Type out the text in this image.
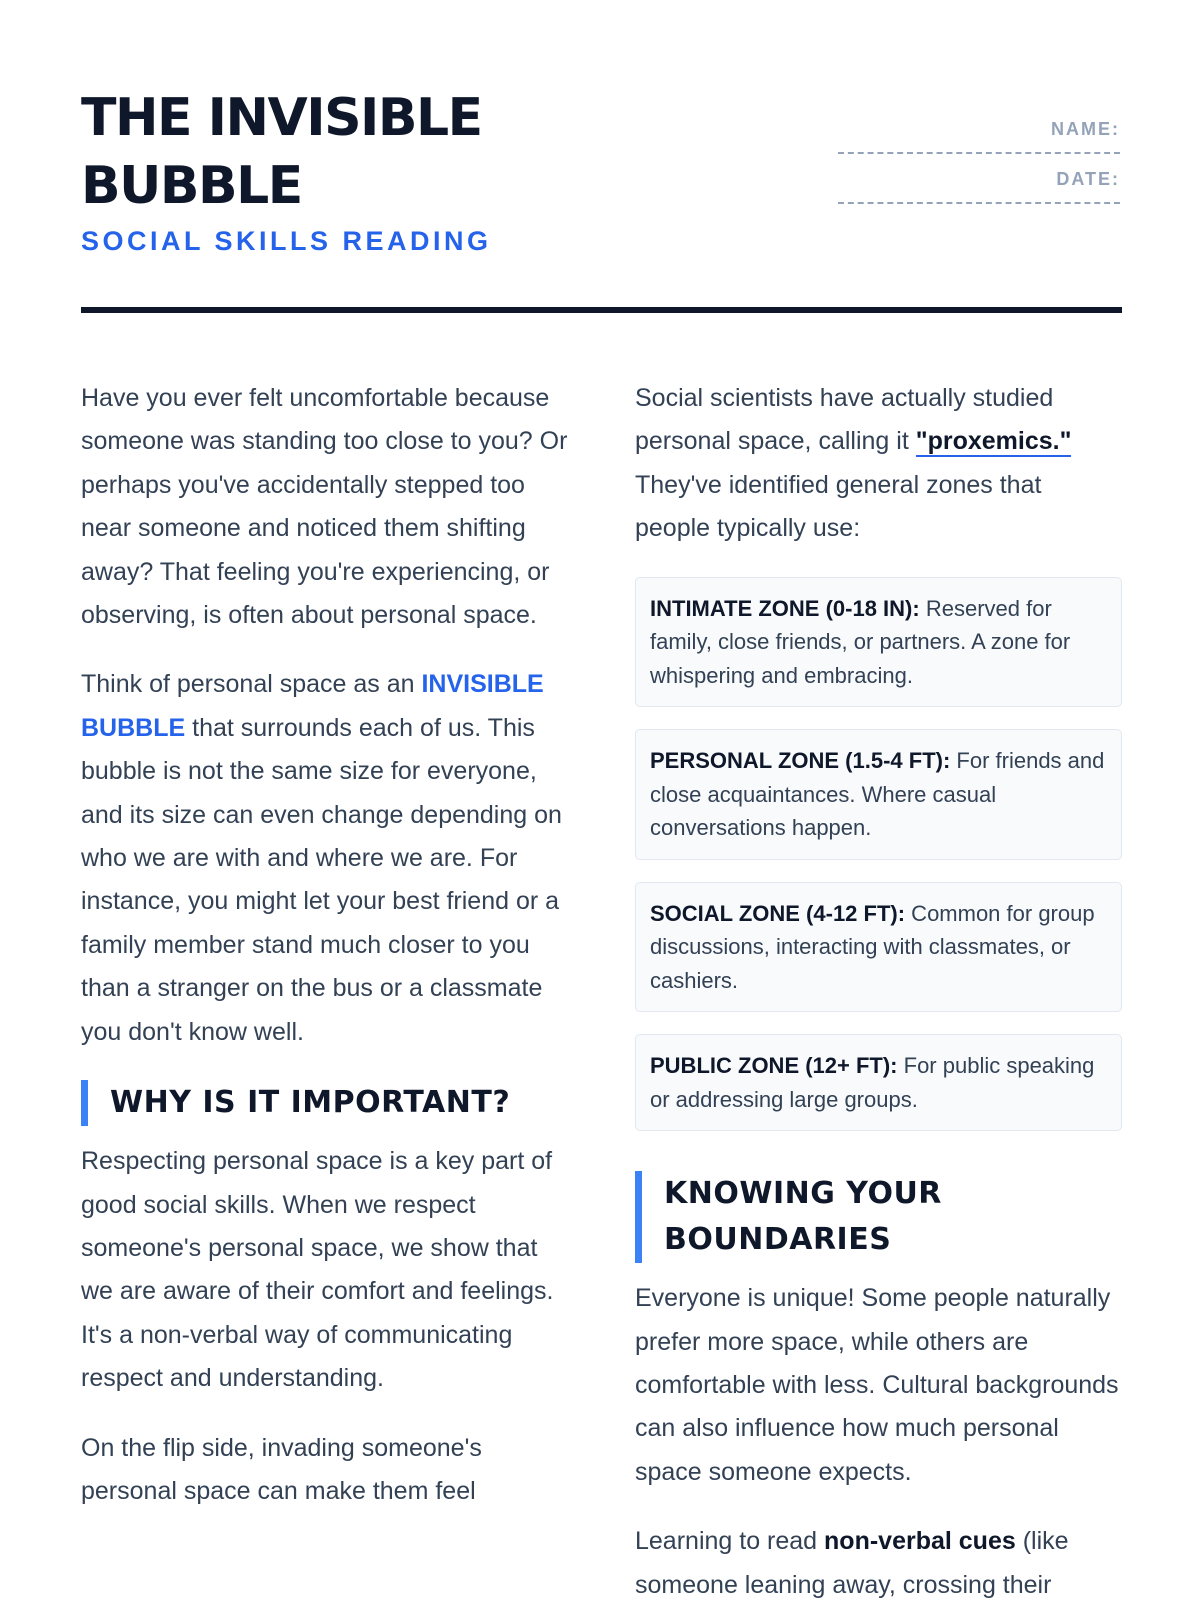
THE INVISIBLE
BUBBLE
SOCIAL SKILLS READING
NAME:
DATE:

Have you ever felt uncomfortable because someone was standing too close to you? Or perhaps you've accidentally stepped too near someone and noticed them shifting away? That feeling you're experiencing, or observing, is often about personal space.

Think of personal space as an INVISIBLE BUBBLE that surrounds each of us. This bubble is not the same size for everyone, and its size can even change depending on who we are with and where we are. For instance, you might let your best friend or a family member stand much closer to you than a stranger on the bus or a classmate you don't know well.

WHY IS IT IMPORTANT?

Respecting personal space is a key part of good social skills. When we respect someone's personal space, we show that we are aware of their comfort and feelings. It's a non-verbal way of communicating respect and understanding.

On the flip side, invading someone's personal space can make them feel

Social scientists have actually studied personal space, calling it "proxemics." They've identified general zones that people typically use:

INTIMATE ZONE (0-18 IN): Reserved for family, close friends, or partners. A zone for whispering and embracing.
PERSONAL ZONE (1.5-4 FT): For friends and close acquaintances. Where casual conversations happen.
SOCIAL ZONE (4-12 FT): Common for group discussions, interacting with classmates, or cashiers.
PUBLIC ZONE (12+ FT): For public speaking or addressing large groups.
KNOWING YOUR BOUNDARIES

Everyone is unique! Some people naturally prefer more space, while others are comfortable with less. Cultural backgrounds can also influence how much personal space someone expects.

Learning to read non-verbal cues (like someone leaning away, crossing their
